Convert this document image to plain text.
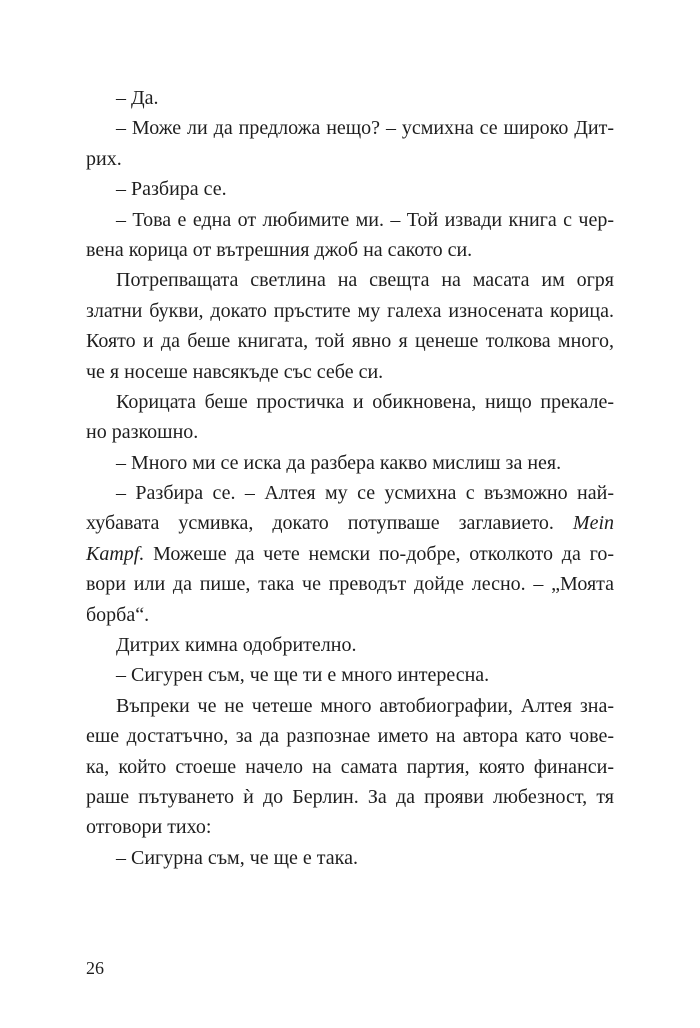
– Да.
– Може ли да предложа нещо? – усмихна се широко Дит-
рих.
– Разбира се.
– Това е една от любимите ми. – Той извади книга с чер-
вена корица от вътрешния джоб на сакото си.
Потрепващата светлина на свещта на масата им огря
златни букви, докато пръстите му галеха износената корица.
Която и да беше книгата, той явно я ценеше толкова много,
че я носеше навсякъде със себе си.
Корицата беше простичка и обикновена, нищо прекале-
но разкошно.
– Много ми се иска да разбера какво мислиш за нея.
– Разбира се. – Алтея му се усмихна с възможно най-
хубавата усмивка, докато потупваше заглавието. Mein
Kampf. Можеше да чете немски по-добре, отколкото да го-
вори или да пише, така че преводът дойде лесно. – „Моята
борба“.
Дитрих кимна одобрително.
– Сигурен съм, че ще ти е много интересна.
Въпреки че не четеше много автобиографии, Алтея зна-
еше достатъчно, за да разпознае името на автора като чове-
ка, който стоеше начело на самата партия, която финанси-
раше пътуването ѝ до Берлин. За да прояви любезност, тя
отговори тихо:
– Сигурна съм, че ще е така.
26
